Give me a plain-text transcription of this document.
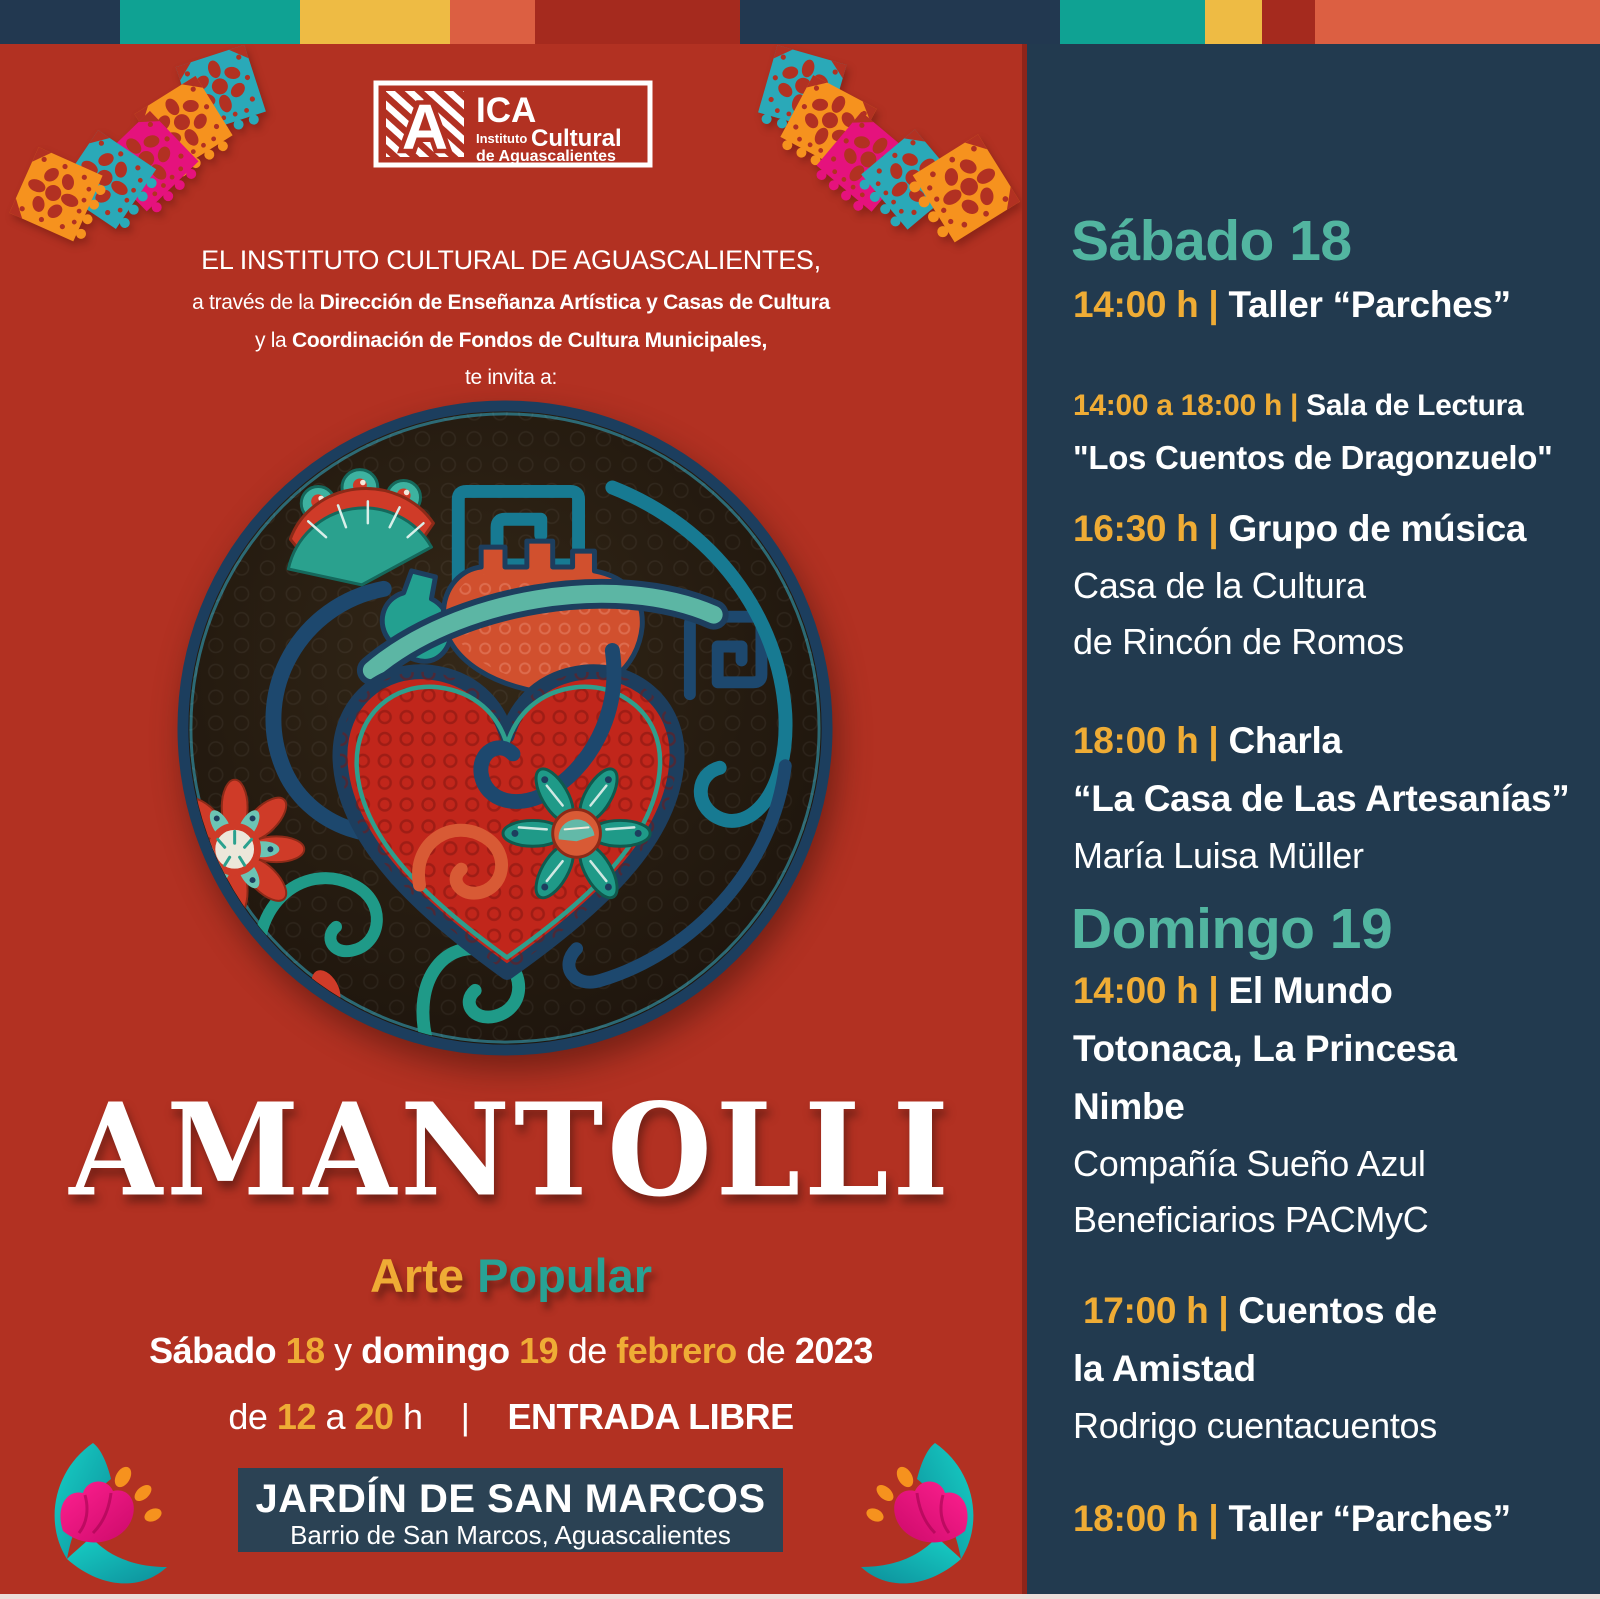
A ICA
Instituto Cultural
de Aguascalientes
EL INSTITUTO CULTURAL DE AGUASCALIENTES,
a través de la Dirección de Enseñanza Artística y Casas de Cultura
y la Coordinación de Fondos de Cultura Municipales,
te invita a:
AMANTOLLI
Arte Popular
Sábado 18 y domingo 19 de febrero de 2023
de 12 a 20 h    |    ENTRADA LIBRE
JARDÍN DE SAN MARCOS
Barrio de San Marcos, Aguascalientes
Sábado 18
14:00 h | Taller “Parches”
14:00 a 18:00 h | Sala de Lectura
"Los Cuentos de Dragonzuelo"
16:30 h | Grupo de música
Casa de la Cultura
de Rincón de Romos
18:00 h | Charla
“La Casa de Las Artesanías”
María Luisa Müller
Domingo 19
14:00 h | El Mundo
Totonaca, La Princesa
Nimbe
Compañía Sueño Azul
Beneficiarios PACMyC
17:00 h | Cuentos de
la Amistad
Rodrigo cuentacuentos
18:00 h | Taller “Parches”
